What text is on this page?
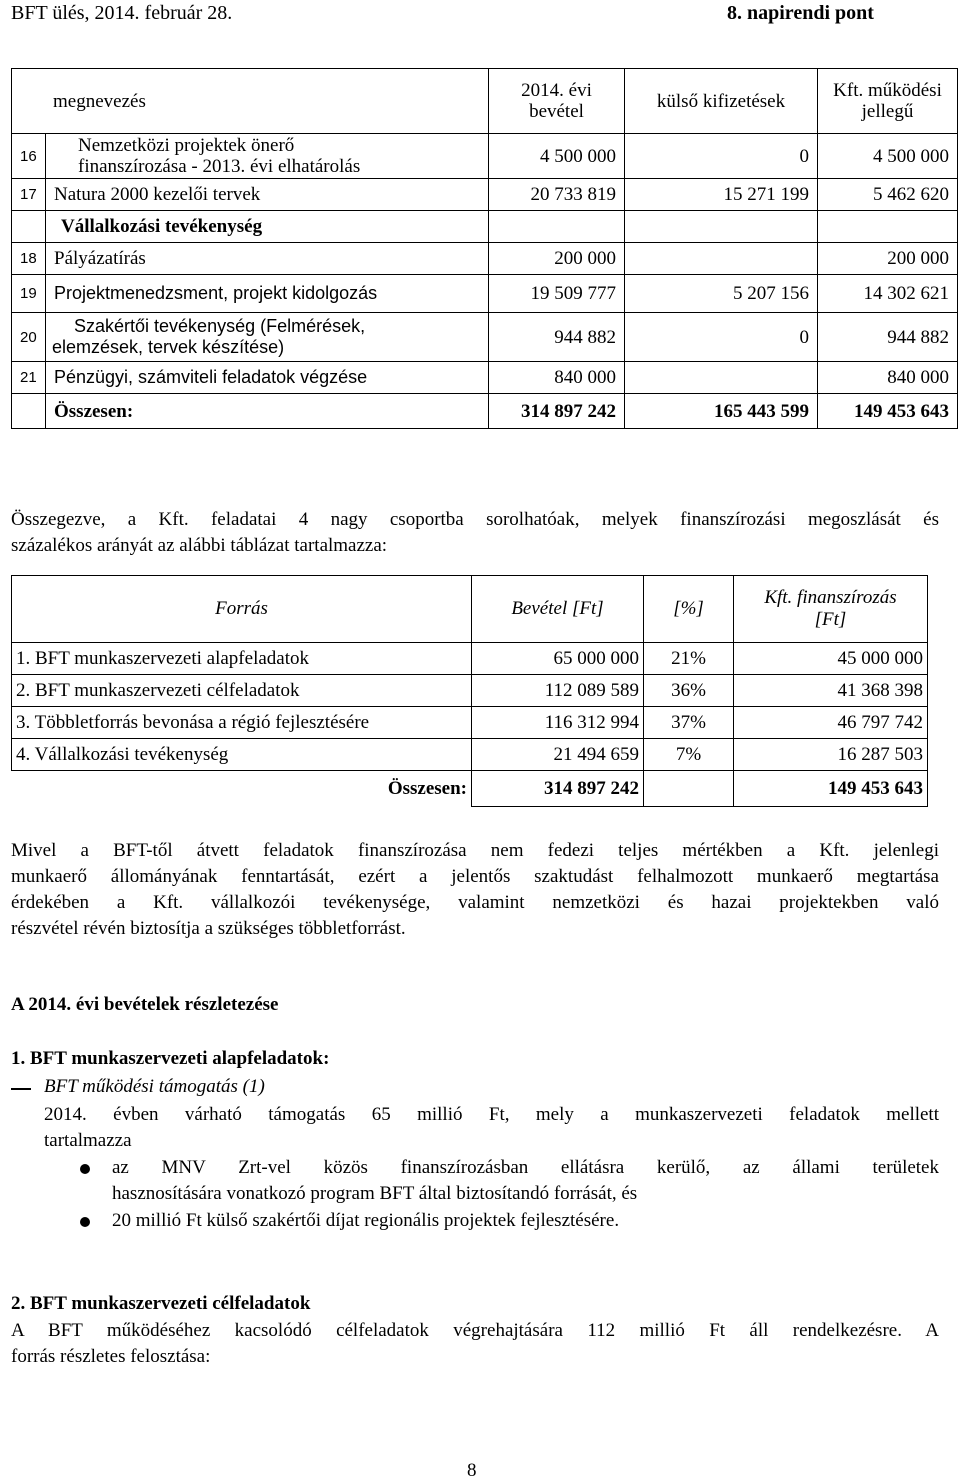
BFT ülés, 2014. február 28.	8. napirendi pont
megnevezés		2014. évi
bevétel	külső kifizetések	Kft. működési
jellegű
16	Nemzetközi projektek önerő
finanszírozása - 2013. évi elhatárolás	4 500 000	0	4 500 000
17	Natura 2000 kezelői tervek	20 733 819	15 271 199	5 462 620
	Vállalkozási tevékenység			
18	Pályázatírás	200 000		200 000
19	Projektmenedzsment, projekt kidolgozás	19 509 777	5 207 156	14 302 621
20	Szakértői tevékenység (Felmérések,
elemzések, tervek készítése)	944 882	0	944 882
21	Pénzügyi, számviteli feladatok végzése	840 000		840 000
	Összesen:	314 897 242	165 443 599	149 453 643
Összegezve, a Kft. feladatai 4 nagy csoportba sorolhatóak, melyek finanszírozási megoszlását és
százalékos arányát az alábbi táblázat tartalmazza:
Forrás	Bevétel [Ft]	[%]	Kft. finanszírozás
[Ft]
1. BFT munkaszervezeti alapfeladatok	65 000 000	21%	45 000 000
2. BFT munkaszervezeti célfeladatok	112 089 589	36%	41 368 398
3. Többletforrás bevonása a régió fejlesztésére	116 312 994	37%	46 797 742
4. Vállalkozási tevékenység	21 494 659	7%	16 287 503
Összesen:	314 897 242		149 453 643
Mivel a BFT-től átvett feladatok finanszírozása nem fedezi teljes mértékben a Kft. jelenlegi
munkaerő állományának fenntartását, ezért a jelentős szaktudást felhalmozott munkaerő megtartása
érdekében a Kft. vállalkozói tevékenysége, valamint nemzetközi és hazai projektekben való
részvétel révén biztosítja a szükséges többletforrást.
A 2014. évi bevételek részletezése
1. BFT munkaszervezeti alapfeladatok:
BFT működési támogatás (1)
2014. évben várható támogatás 65 millió Ft, mely a munkaszervezeti feladatok mellett
tartalmazza
az MNV Zrt-vel közös finanszírozásban ellátásra kerülő, az állami területek
hasznosítására vonatkozó program BFT által biztosítandó forrását, és
20 millió Ft külső szakértői díjat regionális projektek fejlesztésére.
2. BFT munkaszervezeti célfeladatok
A BFT működéséhez kacsolódó célfeladatok végrehajtására 112 millió Ft áll rendelkezésre. A
forrás részletes felosztása:
8
